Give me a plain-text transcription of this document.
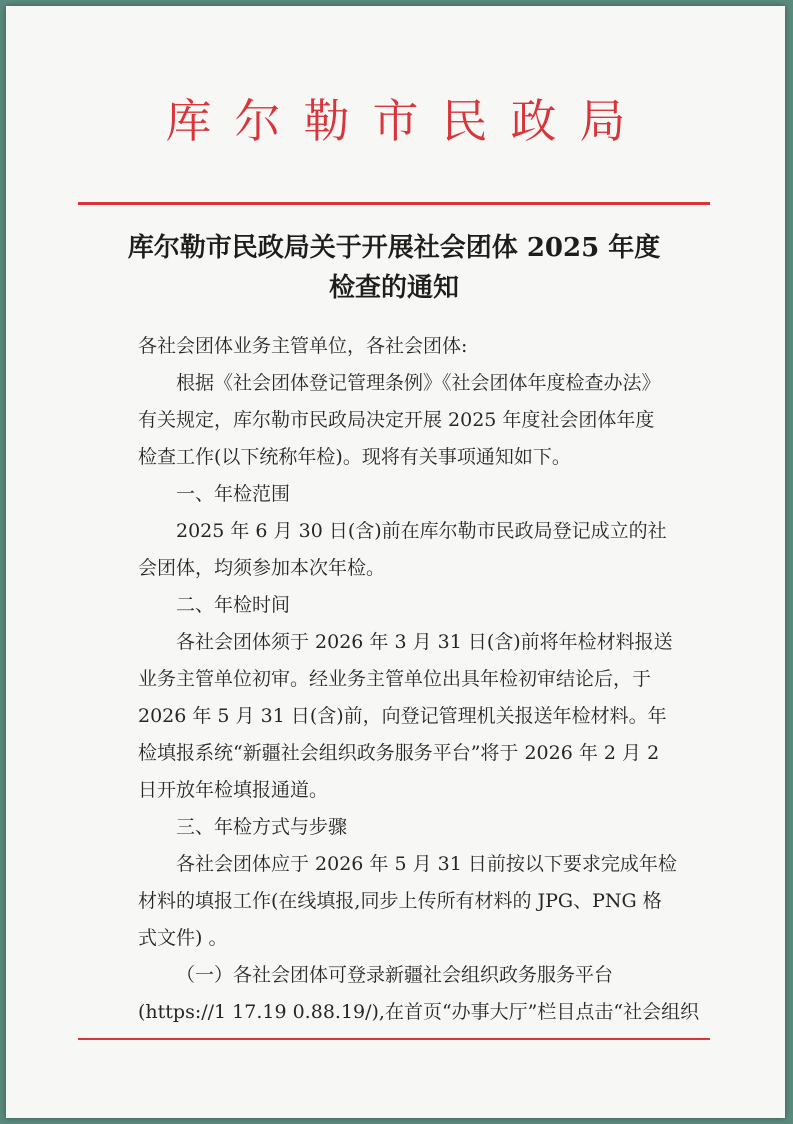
库尔勒市民政局
库尔勒市民政局关于开展社会团体 2025 年度
检查的通知
各社会团体业务主管单位，各社会团体:
根据《社会团体登记管理条例》《社会团体年度检查办法》
有关规定，库尔勒市民政局决定开展 2025 年度社会团体年度
检查工作(以下统称年检)。现将有关事项通知如下。
一、年检范围
2025 年 6 月 30 日(含)前在库尔勒市民政局登记成立的社
会团体，均须参加本次年检。
二、年检时间
各社会团体须于 2026 年 3 月 31 日(含)前将年检材料报送
业务主管单位初审。经业务主管单位出具年检初审结论后，于
2026 年 5 月 31 日(含)前，向登记管理机关报送年检材料。年
检填报系统“新疆社会组织政务服务平台”将于 2026 年 2 月 2
日开放年检填报通道。
三、年检方式与步骤
各社会团体应于 2026 年 5 月 31 日前按以下要求完成年检
材料的填报工作(在线填报,同步上传所有材料的 JPG、PNG 格
式文件) 。
（一）各社会团体可登录新疆社会组织政务服务平台
(https://1 17.19 0.88.19/),在首页“办事大厅”栏目点击“社会组织
